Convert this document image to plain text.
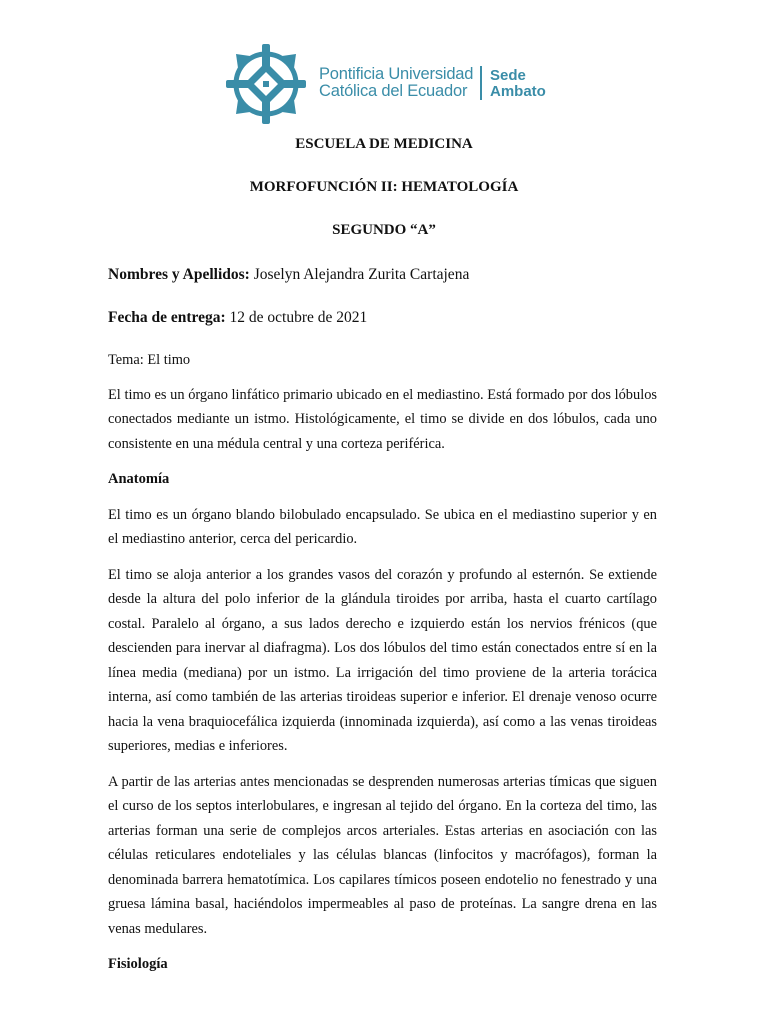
Pontificia Universidad
Católica del Ecuador
Sede
Ambato
ESCUELA DE MEDICINA
MORFOFUNCIÓN II: HEMATOLOGÍA
SEGUNDO “A”
Nombres y Apellidos: Joselyn Alejandra Zurita Cartajena
Fecha de entrega: 12 de octubre de 2021

Tema: El timo

El timo es un órgano linfático primario ubicado en el mediastino. Está formado por dos lóbulos conectados mediante un istmo. Histológicamente, el timo se divide en dos lóbulos, cada uno consistente en una médula central y una corteza periférica.

Anatomía

El timo es un órgano blando bilobulado encapsulado. Se ubica en el mediastino superior y en el mediastino anterior, cerca del pericardio.

El timo se aloja anterior a los grandes vasos del corazón y profundo al esternón. Se extiende desde la altura del polo inferior de la glándula tiroides por arriba, hasta el cuarto cartílago costal. Paralelo al órgano, a sus lados derecho e izquierdo están los nervios frénicos (que descienden para inervar al diafragma). Los dos lóbulos del timo están conectados entre sí en la línea media (mediana) por un istmo. La irrigación del timo proviene de la arteria torácica interna, así como también de las arterias tiroideas superior e inferior. El drenaje venoso ocurre hacia la vena braquiocefálica izquierda (innominada izquierda), así como a las venas tiroideas superiores, medias e inferiores.

A partir de las arterias antes mencionadas se desprenden numerosas arterias tímicas que siguen el curso de los septos interlobulares, e ingresan al tejido del órgano. En la corteza del timo, las arterias forman una serie de complejos arcos arteriales. Estas arterias en asociación con las células reticulares endoteliales y las células blancas (linfocitos y macrófagos), forman la denominada barrera hematotímica. Los capilares tímicos poseen endotelio no fenestrado y una gruesa lámina basal, haciéndolos impermeables al paso de proteínas. La sangre drena en las venas medulares.

Fisiología
